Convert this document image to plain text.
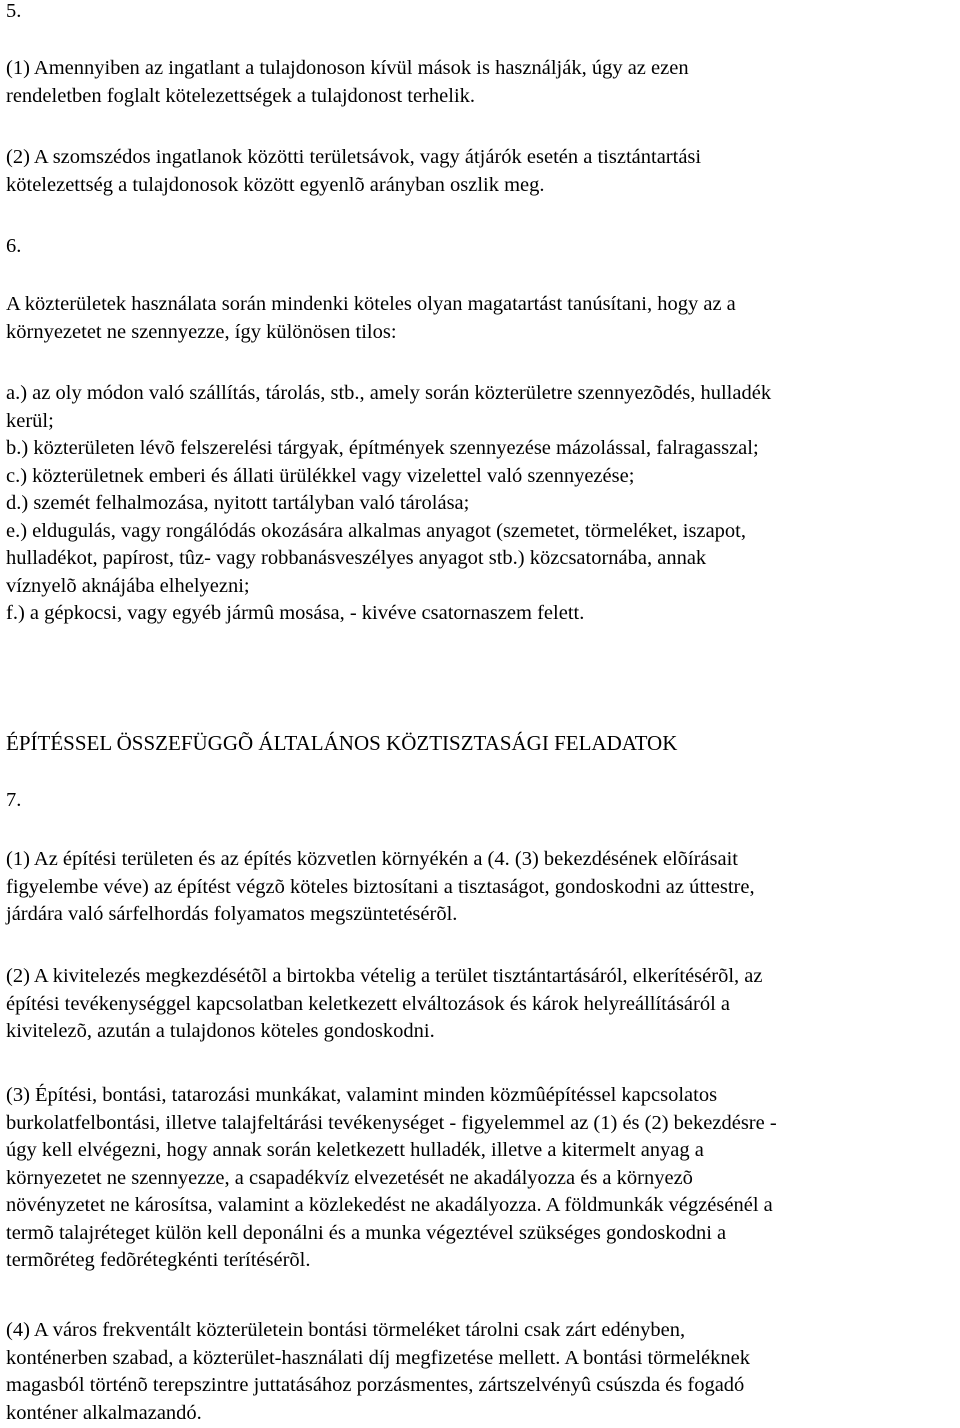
5.
(1) Amennyiben az ingatlant a tulajdonoson kívül mások is használják, úgy az ezen
rendeletben foglalt kötelezettségek a tulajdonost terhelik.
(2) A szomszédos ingatlanok közötti területsávok, vagy átjárók esetén a tisztántartási
kötelezettség a tulajdonosok között egyenlõ arányban oszlik meg.
6.
A közterületek használata során mindenki köteles olyan magatartást tanúsítani, hogy az a
környezetet ne szennyezze, így különösen tilos:
a.) az oly módon való szállítás, tárolás, stb., amely során közterületre szennyezõdés, hulladék
kerül;
b.) közterületen lévõ felszerelési tárgyak, építmények szennyezése mázolással, falragasszal;
c.) közterületnek emberi és állati ürülékkel vagy vizelettel való szennyezése;
d.) szemét felhalmozása, nyitott tartályban való tárolása;
e.) eldugulás, vagy rongálódás okozására alkalmas anyagot (szemetet, törmeléket, iszapot,
hulladékot, papírost, tûz- vagy robbanásveszélyes anyagot stb.) közcsatornába, annak
víznyelõ aknájába elhelyezni;
f.) a gépkocsi, vagy egyéb jármû mosása, - kivéve csatornaszem felett.
ÉPÍTÉSSEL ÖSSZEFÜGGÕ ÁLTALÁNOS KÖZTISZTASÁGI FELADATOK
7.
(1) Az építési területen és az építés közvetlen környékén a (4. (3) bekezdésének elõírásait
figyelembe véve) az építést végzõ köteles biztosítani a tisztaságot, gondoskodni az úttestre,
járdára való sárfelhordás folyamatos megszüntetésérõl.
(2) A kivitelezés megkezdésétõl a birtokba vételig a terület tisztántartásáról, elkerítésérõl, az
építési tevékenységgel kapcsolatban keletkezett elváltozások és károk helyreállításáról a
kivitelezõ, azután a tulajdonos köteles gondoskodni.
(3) Építési, bontási, tatarozási munkákat, valamint minden közmûépítéssel kapcsolatos
burkolatfelbontási, illetve talajfeltárási tevékenységet - figyelemmel az (1) és (2) bekezdésre -
úgy kell elvégezni, hogy annak során keletkezett hulladék, illetve a kitermelt anyag a
környezetet ne szennyezze, a csapadékvíz elvezetését ne akadályozza és a környezõ
növényzetet ne károsítsa, valamint a közlekedést ne akadályozza. A földmunkák végzésénél a
termõ talajréteget külön kell deponálni és a munka végeztével szükséges gondoskodni a
termõréteg fedõrétegkénti terítésérõl.
(4) A város frekventált közterületein bontási törmeléket tárolni csak zárt edényben,
konténerben szabad, a közterület-használati díj megfizetése mellett. A bontási törmeléknek
magasból történõ terepszintre juttatásához porzásmentes, zártszelvényû csúszda és fogadó
konténer alkalmazandó.
